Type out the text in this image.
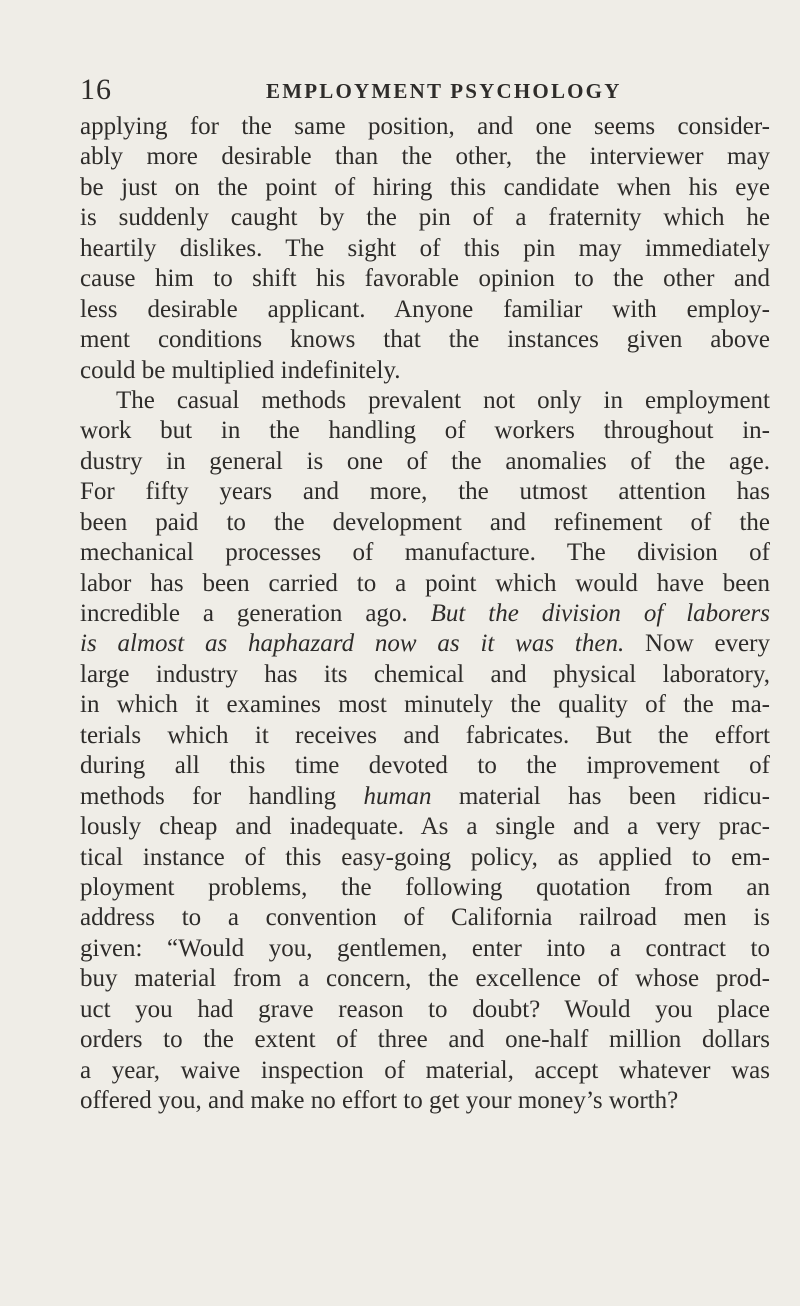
16	EMPLOYMENT PSYCHOLOGY
applying for the same position, and one seems consider-
ably more desirable than the other, the interviewer may
be just on the point of hiring this candidate when his eye
is suddenly caught by the pin of a fraternity which he
heartily dislikes. The sight of this pin may immediately
cause him to shift his favorable opinion to the other and
less desirable applicant. Anyone familiar with employ-
ment conditions knows that the instances given above
could be multiplied indefinitely.
The casual methods prevalent not only in employment
work but in the handling of workers throughout in-
dustry in general is one of the anomalies of the age.
For fifty years and more, the utmost attention has
been paid to the development and refinement of the
mechanical processes of manufacture. The division of
labor has been carried to a point which would have been
incredible a generation ago. But the division of laborers
is almost as haphazard now as it was then. Now every
large industry has its chemical and physical laboratory,
in which it examines most minutely the quality of the ma-
terials which it receives and fabricates. But the effort
during all this time devoted to the improvement of
methods for handling human material has been ridicu-
lously cheap and inadequate. As a single and a very prac-
tical instance of this easy-going policy, as applied to em-
ployment problems, the following quotation from an
address to a convention of California railroad men is
given: “Would you, gentlemen, enter into a contract to
buy material from a concern, the excellence of whose prod-
uct you had grave reason to doubt? Would you place
orders to the extent of three and one-half million dollars
a year, waive inspection of material, accept whatever was
offered you, and make no effort to get your money’s worth?
